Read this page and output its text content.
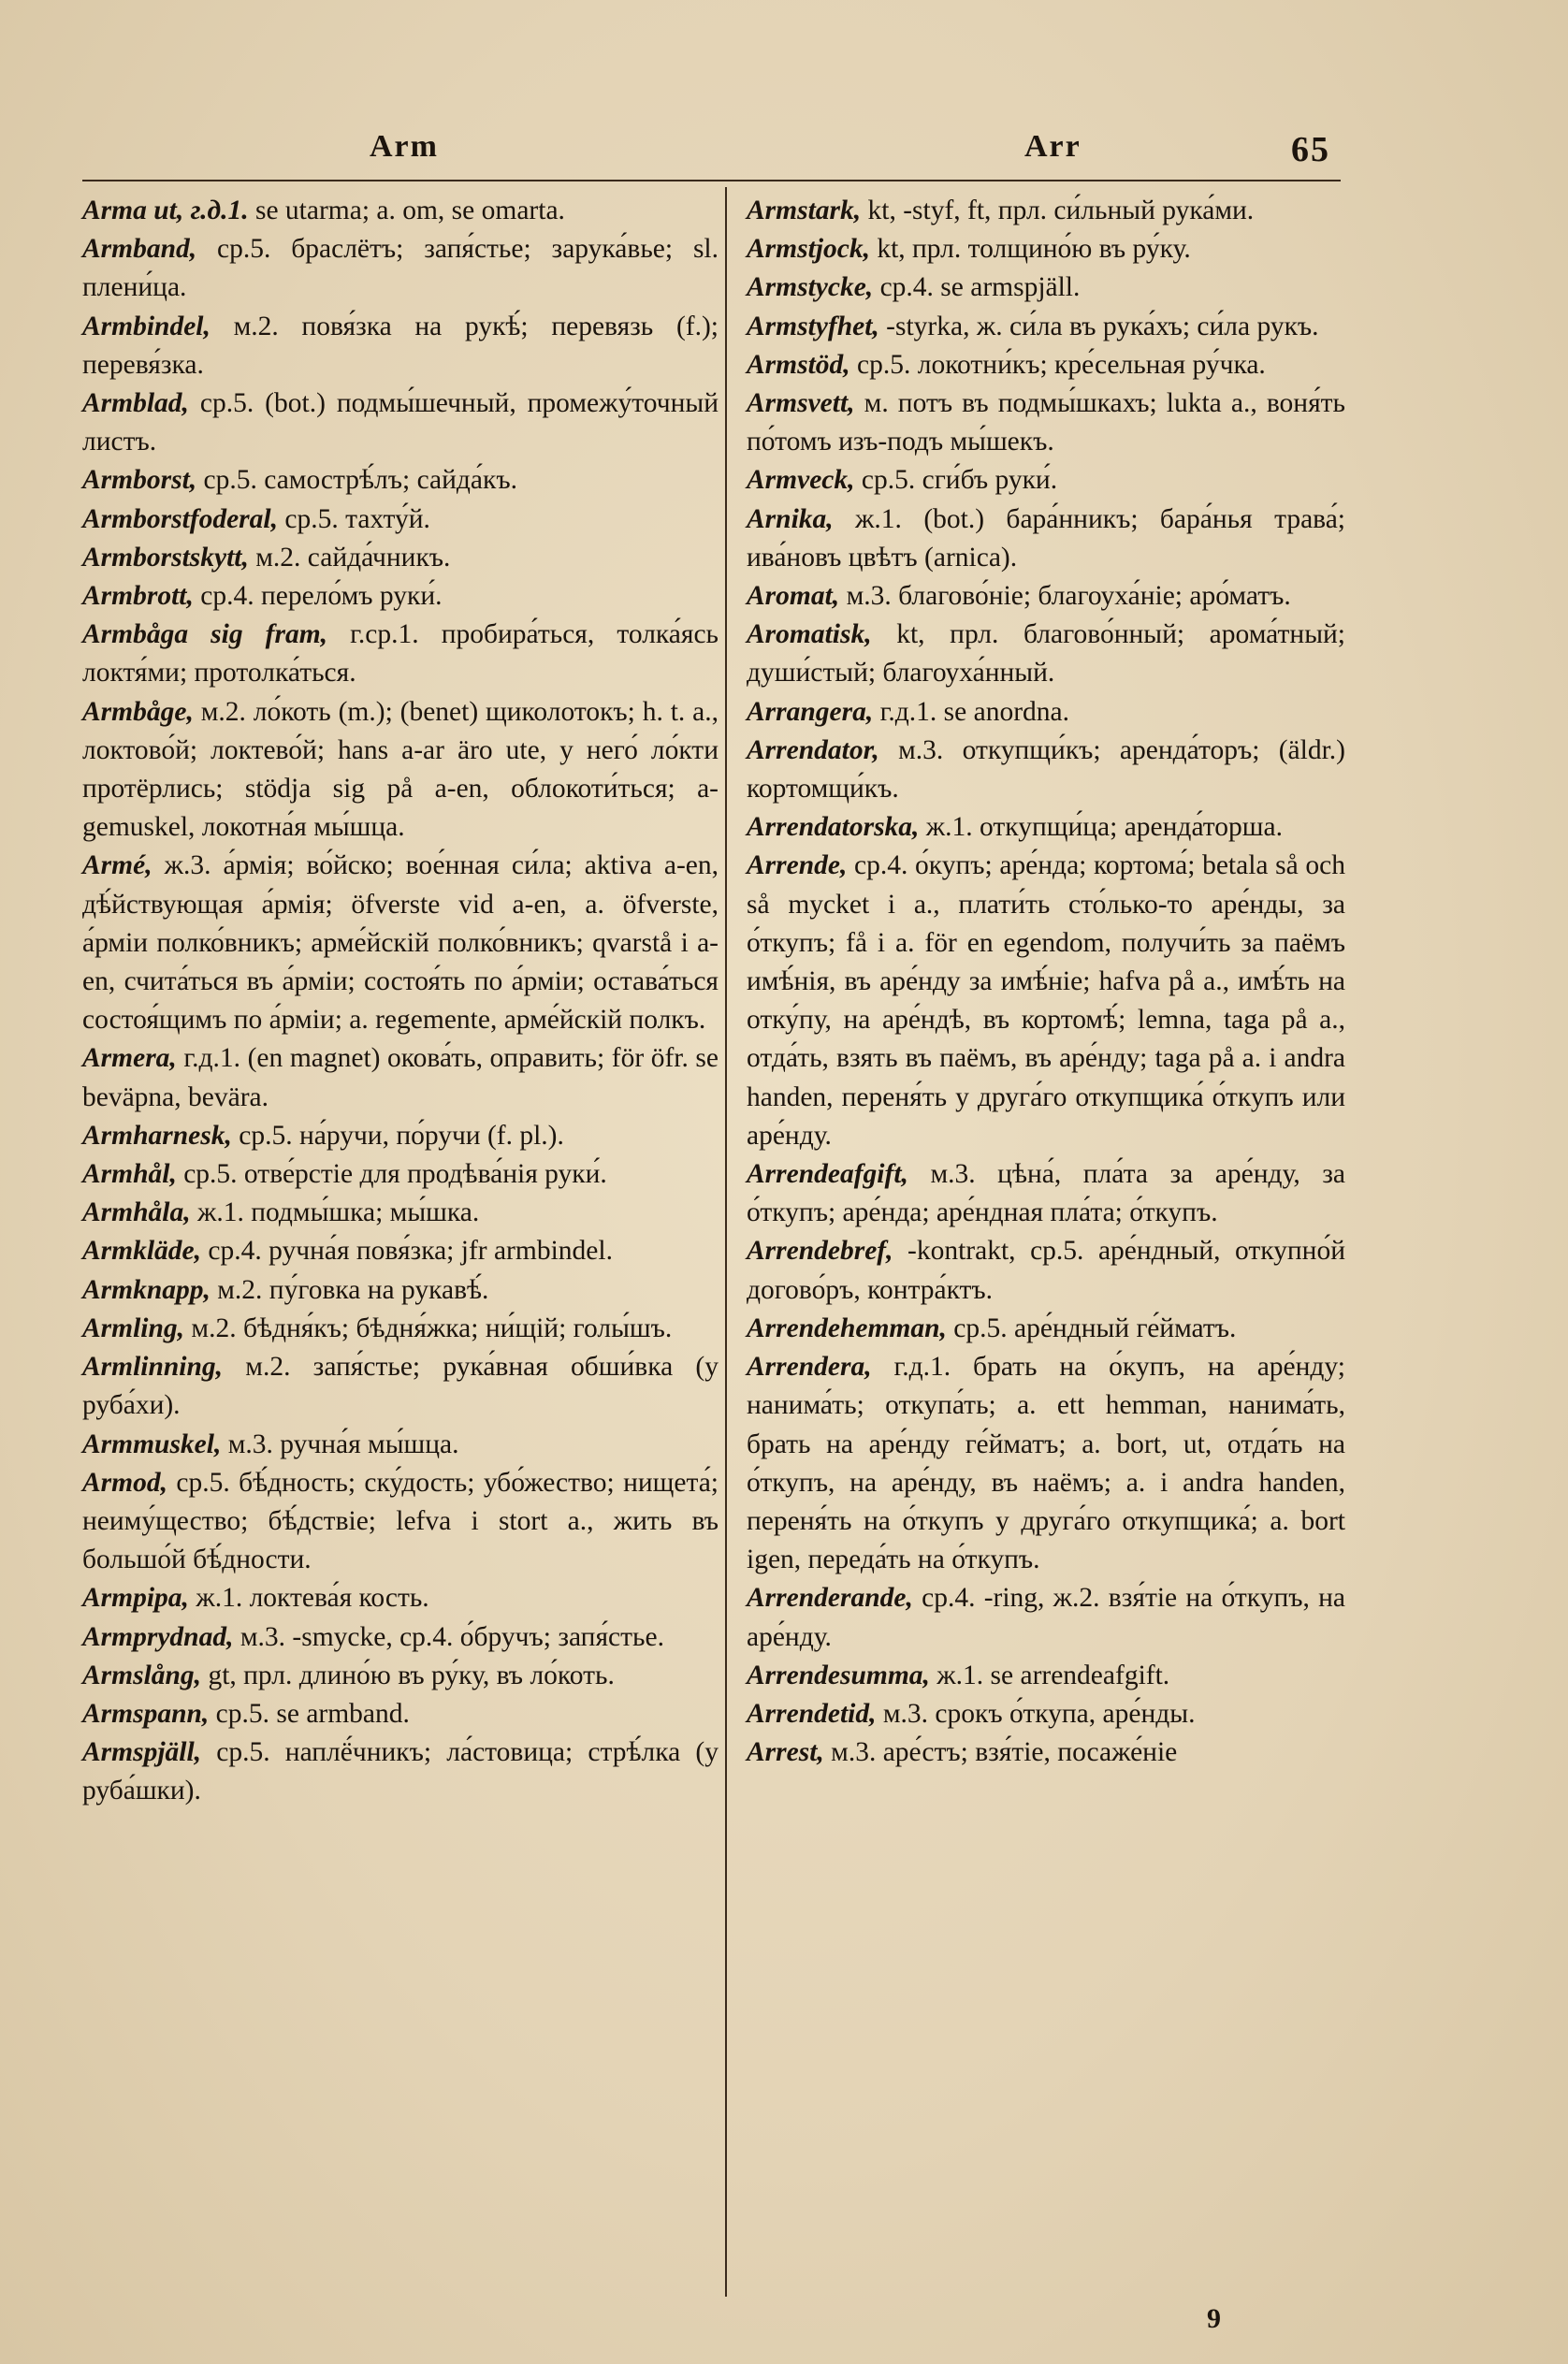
Arm	Arr	65

Arma ut, г.д.1. se utarma; a. om, se omarta.

Armband, ср.5. браслётъ; запя́стье; зарука́вье; sl. плени́ца.

Armbindel, м.2. повя́зка на рукѣ́; перевязь (f.); перевя́зка.

Armblad, ср.5. (bot.) подмы́шечный, промежу́точный листъ.

Armborst, ср.5. самострѣ́лъ; сайда́къ.

Armborstfoderal, ср.5. тахту́й.

Armborstskytt, м.2. сайда́чникъ.

Armbrott, ср.4. перело́мъ руки́.

Armbåga sig fram, г.ср.1. пробира́ться, толка́ясь локтя́ми; протолка́ться.

Armbåge, м.2. ло́коть (m.); (benet) щиколотокъ; h. t. a., локтово́й; локтево́й; hans a-ar äro ute, у него́ ло́кти протёрлись; stödja sig på a-en, облокоти́ться; a-gemuskel, локотна́я мы́шца.

Armé, ж.3. а́рмія; во́йско; вое́нная си́ла; aktiva a-en, дѣ́йствующая а́рмія; öfverste vid a-en, a. öfverste, а́рміи полко́вникъ; арме́йскій полко́вникъ; qvarstå i a-en, счита́ться въ а́рміи; состоя́ть по а́рміи; остава́ться состоя́щимъ по а́рміи; a. regemente, арме́йскій полкъ.

Armera, г.д.1. (en magnet) окова́ть, оправить; för öfr. se beväpna, bevära.

Armharnesk, ср.5. на́ручи, по́ручи (f. pl.).

Armhål, ср.5. отве́рстіе для продѣва́нія руки́.

Armhåla, ж.1. подмы́шка; мы́шка.

Armkläde, ср.4. ручна́я повя́зка; jfr armbindel.

Armknapp, м.2. пу́говка на рукавѣ́.

Armling, м.2. бѣдня́къ; бѣдня́жка; ни́щій; голы́шъ.

Armlinning, м.2. запя́стье; рука́вная обши́вка (у руба́хи).

Armmuskel, м.3. ручна́я мы́шца.

Armod, ср.5. бѣ́дность; ску́дость; убо́жество; нищета́; неиму́щество; бѣ́дствіе; lefva i stort a., жить въ большо́й бѣ́дности.

Armpipa, ж.1. локтева́я кость.

Armprydnad, м.3. -smycke, ср.4. о́бручъ; запя́стье.

Armslång, gt, прл. длино́ю въ ру́ку, въ ло́коть.

Armspann, ср.5. se armband.

Armspjäll, ср.5. наплё́чникъ; ла́стовица; стрѣ́лка (у руба́шки).

Armstark, kt, -styf, ft, прл. си́льный рука́ми.

Armstjock, kt, прл. толщино́ю въ ру́ку.

Armstycke, ср.4. se armspjäll.

Armstyfhet, -styrka, ж. си́ла въ рука́хъ; си́ла рукъ.

Armstöd, ср.5. локотни́къ; кре́сельная ру́чка.

Armsvett, м. потъ въ подмы́шкахъ; lukta a., воня́ть по́томъ изъ-подъ мы́шекъ.

Armveck, ср.5. сги́бъ руки́.

Arnika, ж.1. (bot.) бара́нникъ; бара́нья трава́; ива́новъ цвѣтъ (arnica).

Aromat, м.3. благово́ніе; благоуха́ніе; аро́матъ.

Aromatisk, kt, прл. благово́нный; арома́тный; души́стый; благоуха́нный.

Arrangera, г.д.1. se anordna.

Arrendator, м.3. откупщи́къ; аренда́торъ; (äldr.) кортомщи́къ.

Arrendatorska, ж.1. откупщи́ца; аренда́торша.

Arrende, ср.4. о́купъ; аре́нда; кортома́; betala så och så mycket i a., плати́ть сто́лько-то аре́нды, за о́ткупъ; få i a. för en egendom, получи́ть за паёмъ имѣ́нія, въ аре́нду за имѣ́ніе; hafva på a., имѣ́ть на отку́пу, на аре́ндѣ, въ кортомѣ́; lemna, taga på a., отда́ть, взять въ паёмъ, въ аре́нду; taga på a. i andra handen, переня́ть у друга́го откупщика́ о́ткупъ или аре́нду.

Arrendeafgift, м.3. цѣна́, пла́та за аре́нду, за о́ткупъ; аре́нда; аре́ндная пла́та; о́ткупъ.

Arrendebref, -kontrakt, ср.5. аре́ндный, откупно́й догово́ръ, контра́ктъ.

Arrendehemman, ср.5. аре́ндный ге́йматъ.

Arrendera, г.д.1. брать на о́купъ, на аре́нду; нанима́ть; откупа́ть; a. ett hemman, нанима́ть, брать на аре́нду ге́йматъ; a. bort, ut, отда́ть на о́ткупъ, на аре́нду, въ наёмъ; a. i andra handen, переня́ть на о́ткупъ у друга́го откупщика́; a. bort igen, переда́ть на о́ткупъ.

Arrenderande, ср.4. -ring, ж.2. взя́тіе на о́ткупъ, на аре́нду.

Arrendesumma, ж.1. se arrendeafgift.

Arrendetid, м.3. срокъ о́ткупа, аре́нды.

Arrest, м.3. аре́стъ; взя́тіе, посаже́ніе

9
